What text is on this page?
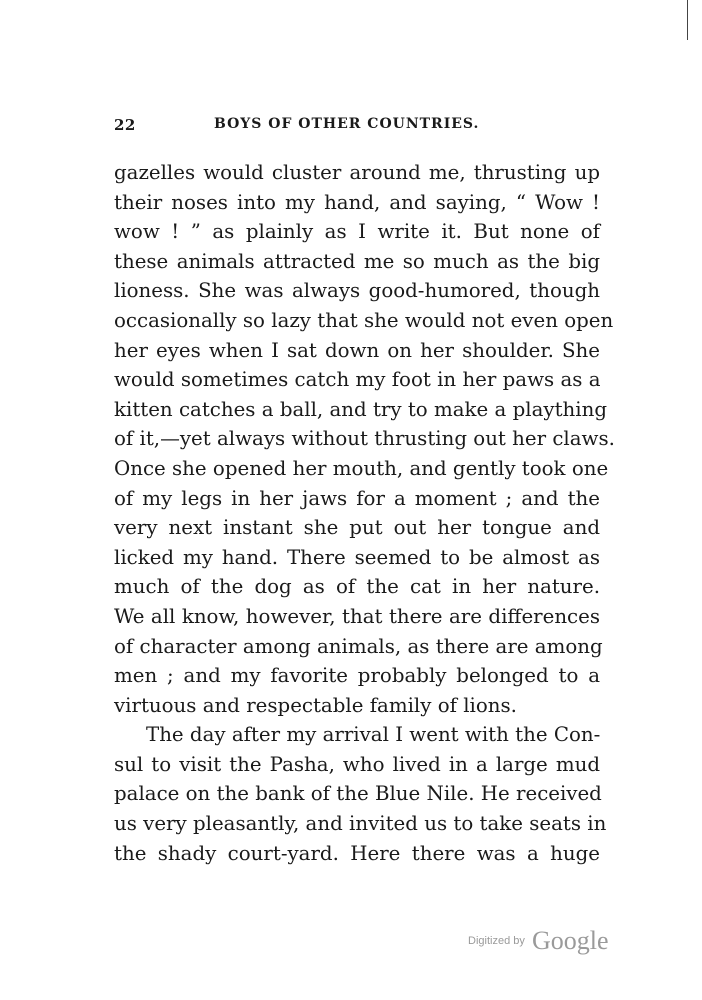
22	BOYS OF OTHER COUNTRIES.
gazelles would cluster around me, thrusting up
their noses into my hand, and saying, “ Wow !
wow ! ” as plainly as I write it. But none of
these animals attracted me so much as the big
lioness. She was always good-humored, though
occasionally so lazy that she would not even open
her eyes when I sat down on her shoulder. She
would sometimes catch my foot in her paws as a
kitten catches a ball, and try to make a plaything
of it,—yet always without thrusting out her claws.
Once she opened her mouth, and gently took one
of my legs in her jaws for a moment ; and the
very next instant she put out her tongue and
licked my hand. There seemed to be almost as
much of the dog as of the cat in her nature.
We all know, however, that there are differences
of character among animals, as there are among
men ; and my favorite probably belonged to a
virtuous and respectable family of lions.
The day after my arrival I went with the Con-
sul to visit the Pasha, who lived in a large mud
palace on the bank of the Blue Nile. He received
us very pleasantly, and invited us to take seats in
the shady court-yard. Here there was a huge
Digitized by Google
